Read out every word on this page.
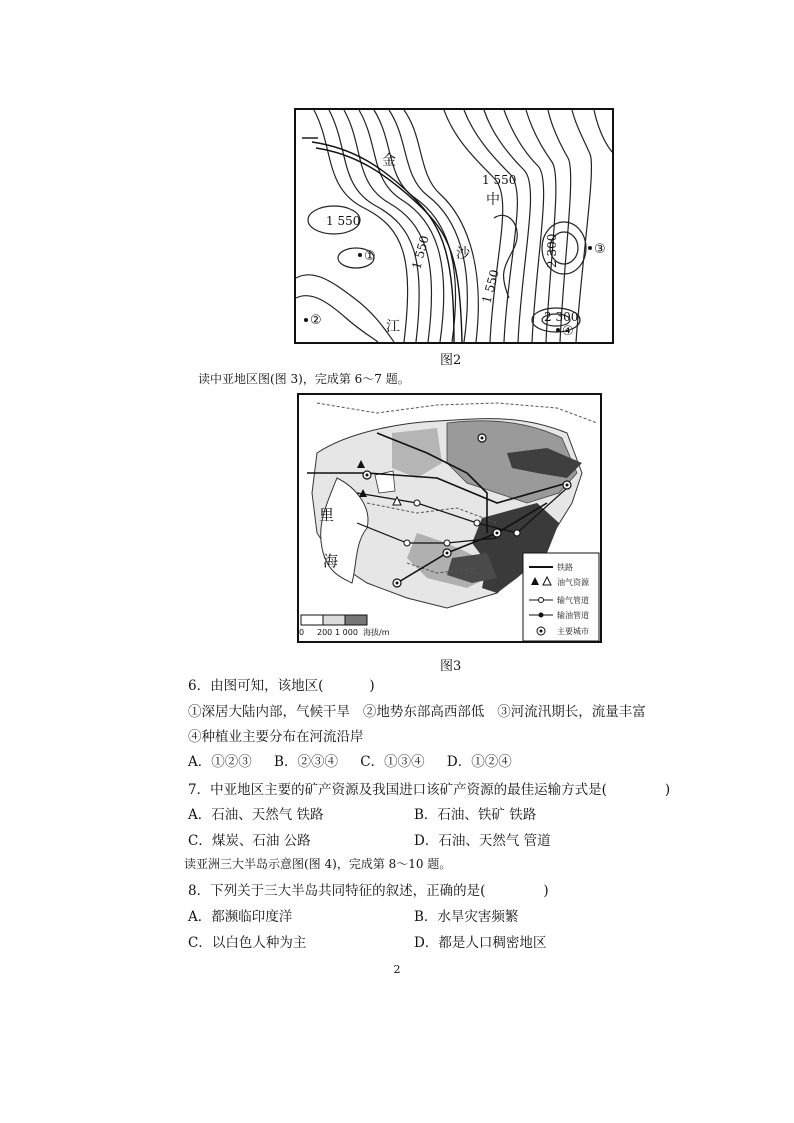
金
沙
江
中
1 550
1 550
1 550
1 550
2 300
2 300
①
②
③
④
图2
读中亚地区图(图 3)，完成第 6～7 题。
里
海
0 200 1 000 海拔/m
铁路
油气资源
输气管道
输油管道
主要城市
图3
6．由图可知，该地区(	)
①深居大陆内部，气候干旱 ②地势东部高西部低 ③河流汛期长，流量丰富
④种植业主要分布在河流沿岸
A．①②③ B．②③④ C．①③④ D．①②④
7．中亚地区主要的矿产资源及我国进口该矿产资源的最佳运输方式是(	)
A．石油、天然气 铁路	B．石油、铁矿 铁路
C．煤炭、石油 公路	D．石油、天然气 管道
读亚洲三大半岛示意图(图 4)，完成第 8～10 题。
8．下列关于三大半岛共同特征的叙述，正确的是(	)
A．都濒临印度洋	B．水旱灾害频繁
C．以白色人种为主	D．都是人口稠密地区
2
